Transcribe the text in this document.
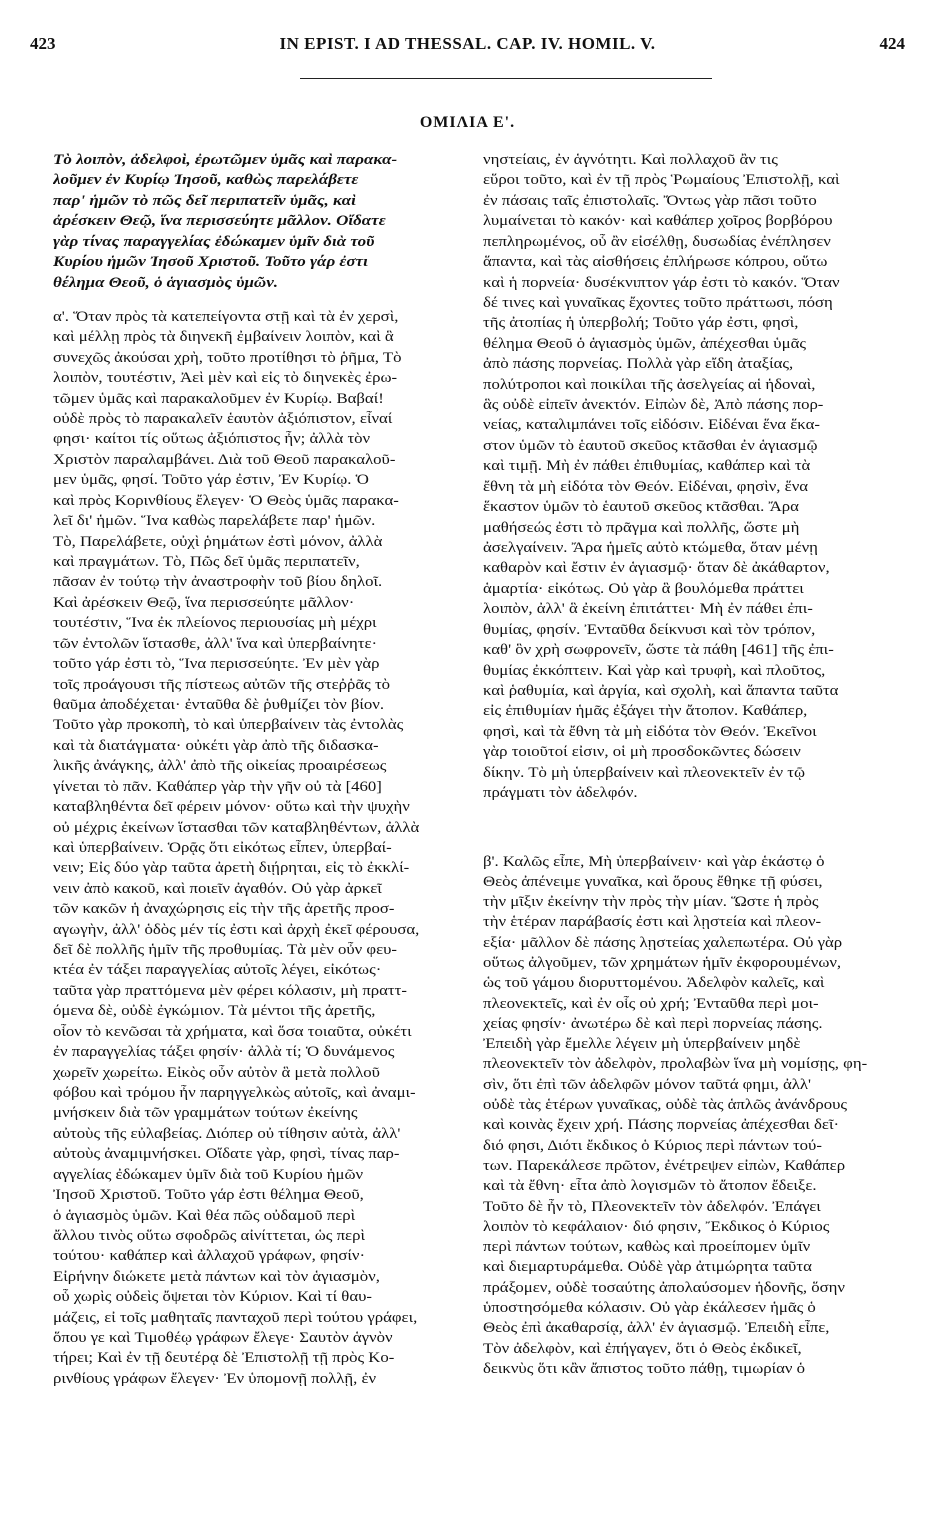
423	IN EPIST. I AD THESSAL. CAP. IV. HOMIL. V.	424
ΟΜΙΛΙΑ Ε'.
Τὸ λοιπὸν, ἀδελφοὶ, ἐρωτῶμεν ὑμᾶς καὶ παρακα-
λοῦμεν ἐν Κυρίῳ Ἰησοῦ, καθὼς παρελάβετε
παρ' ἡμῶν τὸ πῶς δεῖ περιπατεῖν ὑμᾶς, καὶ
ἀρέσκειν Θεῷ, ἵνα περισσεύητε μᾶλλον. Οἴδατε
γὰρ τίνας παραγγελίας ἐδώκαμεν ὑμῖν διὰ τοῦ
Κυρίου ἡμῶν Ἰησοῦ Χριστοῦ. Τοῦτο γάρ ἐστι
θέλημα Θεοῦ, ὁ ἁγιασμὸς ὑμῶν.
α'. Ὅταν πρὸς τὰ κατεπείγοντα στῇ καὶ τὰ ἐν χερσὶ,
καὶ μέλλῃ πρὸς τὰ διηνεκῆ ἐμβαίνειν λοιπὸν, καὶ ἃ
συνεχῶς ἀκούσαι χρὴ, τοῦτο προτίθησι τὸ ῥῆμα, Τὸ
λοιπὸν, τουτέστιν, Ἀεὶ μὲν καὶ εἰς τὸ διηνεκὲς ἐρω-
τῶμεν ὑμᾶς καὶ παρακαλοῦμεν ἐν Κυρίῳ. Βαβαί!
οὐδὲ πρὸς τὸ παρακαλεῖν ἑαυτὸν ἀξιόπιστον, εἶναί
φησι· καίτοι τίς οὕτως ἀξιόπιστος ἦν; ἀλλὰ τὸν
Χριστὸν παραλαμβάνει. Διὰ τοῦ Θεοῦ παρακαλοῦ-
μεν ὑμᾶς, φησί. Τοῦτο γάρ ἐστιν, Ἐν Κυρίῳ. Ὁ
καὶ πρὸς Κορινθίους ἔλεγεν· Ὁ Θεὸς ὑμᾶς παρακα-
λεῖ δι' ἡμῶν. Ἵνα καθὼς παρελάβετε παρ' ἡμῶν.
Τὸ, Παρελάβετε, οὐχὶ ῥημάτων ἐστὶ μόνον, ἀλλὰ
καὶ πραγμάτων. Τὸ, Πῶς δεῖ ὑμᾶς περιπατεῖν,
πᾶσαν ἐν τούτῳ τὴν ἀναστροφὴν τοῦ βίου δηλοῖ.
Καὶ ἀρέσκειν Θεῷ, ἵνα περισσεύητε μᾶλλον·
τουτέστιν, Ἵνα ἐκ πλείονος περιουσίας μὴ μέχρι
τῶν ἐντολῶν ἵστασθε, ἀλλ' ἵνα καὶ ὑπερβαίνητε·
τοῦτο γάρ ἐστι τὸ, Ἵνα περισσεύητε. Ἐν μὲν γὰρ
τοῖς προάγουσι τῆς πίστεως αὐτῶν τῆς στεῤῥᾶς τὸ
θαῦμα ἀποδέχεται· ἐνταῦθα δὲ ῥυθμίζει τὸν βίον.
Τοῦτο γὰρ προκοπὴ, τὸ καὶ ὑπερβαίνειν τὰς ἐντολὰς
καὶ τὰ διατάγματα· οὐκέτι γὰρ ἀπὸ τῆς διδασκα-
λικῆς ἀνάγκης, ἀλλ' ἀπὸ τῆς οἰκείας προαιρέσεως
γίνεται τὸ πᾶν. Καθάπερ γὰρ τὴν γῆν οὐ τὰ [460]
καταβληθέντα δεῖ φέρειν μόνον· οὕτω καὶ τὴν ψυχὴν
οὐ μέχρις ἐκείνων ἵστασθαι τῶν καταβληθέντων, ἀλλὰ
καὶ ὑπερβαίνειν. Ὁρᾷς ὅτι εἰκότως εἶπεν, ὑπερβαί-
νειν; Εἰς δύο γὰρ ταῦτα ἀρετὴ διῄρηται, εἰς τὸ ἐκκλί-
νειν ἀπὸ κακοῦ, καὶ ποιεῖν ἀγαθόν. Οὐ γὰρ ἀρκεῖ
τῶν κακῶν ἡ ἀναχώρησις εἰς τὴν τῆς ἀρετῆς προσ-
αγωγὴν, ἀλλ' ὁδὸς μέν τίς ἐστι καὶ ἀρχὴ ἐκεῖ φέρουσα,
δεῖ δὲ πολλῆς ἡμῖν τῆς προθυμίας. Τὰ μὲν οὖν φευ-
κτέα ἐν τάξει παραγγελίας αὐτοῖς λέγει, εἰκότως·
ταῦτα γὰρ πραττόμενα μὲν φέρει κόλασιν, μὴ πραττ-
όμενα δὲ, οὐδὲ ἐγκώμιον. Τὰ μέντοι τῆς ἀρετῆς,
οἷον τὸ κενῶσαι τὰ χρήματα, καὶ ὅσα τοιαῦτα, οὐκέτι
ἐν παραγγελίας τάξει φησίν· ἀλλὰ τί; Ὁ δυνάμενος
χωρεῖν χωρείτω. Εἰκὸς οὖν αὐτὸν ἃ μετὰ πολλοῦ
φόβου καὶ τρόμου ἦν παρηγγελκὼς αὐτοῖς, καὶ ἀναμι-
μνήσκειν διὰ τῶν γραμμάτων τούτων ἐκείνης
αὐτοὺς τῆς εὐλαβείας. Διόπερ οὐ τίθησιν αὐτὰ, ἀλλ'
αὐτοὺς ἀναμιμνήσκει. Οἴδατε γὰρ, φησὶ, τίνας παρ-
αγγελίας ἐδώκαμεν ὑμῖν διὰ τοῦ Κυρίου ἡμῶν
Ἰησοῦ Χριστοῦ. Τοῦτο γάρ ἐστι θέλημα Θεοῦ,
ὁ ἁγιασμὸς ὑμῶν. Καὶ θέα πῶς οὐδαμοῦ περὶ
ἄλλου τινὸς οὕτω σφοδρῶς αἰνίττεται, ὡς περὶ
τούτου· καθάπερ καὶ ἀλλαχοῦ γράφων, φησίν·
Εἰρήνην διώκετε μετὰ πάντων καὶ τὸν ἁγιασμὸν,
οὗ χωρὶς οὐδεὶς ὄψεται τὸν Κύριον. Καὶ τί θαυ-
μάζεις, εἰ τοῖς μαθηταῖς πανταχοῦ περὶ τούτου γράφει,
ὅπου γε καὶ Τιμοθέῳ γράφων ἔλεγε· Σαυτὸν ἁγνὸν
τήρει; Καὶ ἐν τῇ δευτέρᾳ δὲ Ἐπιστολῇ τῇ πρὸς Κο-
ρινθίους γράφων ἔλεγεν· Ἐν ὑπομονῇ πολλῇ, ἐν
νηστείαις, ἐν ἁγνότητι. Καὶ πολλαχοῦ ἂν τις
εὕροι τοῦτο, καὶ ἐν τῇ πρὸς Ῥωμαίους Ἐπιστολῇ, καὶ
ἐν πάσαις ταῖς ἐπιστολαῖς. Ὄντως γὰρ πᾶσι τοῦτο
λυμαίνεται τὸ κακόν· καὶ καθάπερ χοῖρος βορβόρου
πεπληρωμένος, οὗ ἂν εἰσέλθῃ, δυσωδίας ἐνέπλησεν
ἅπαντα, καὶ τὰς αἰσθήσεις ἐπλήρωσε κόπρου, οὕτω
καὶ ἡ πορνεία· δυσέκνιπτον γάρ ἐστι τὸ κακόν. Ὅταν
δέ τινες καὶ γυναῖκας ἔχοντες τοῦτο πράττωσι, πόση
τῆς ἀτοπίας ἡ ὑπερβολή; Τοῦτο γάρ ἐστι, φησὶ,
θέλημα Θεοῦ ὁ ἁγιασμὸς ὑμῶν, ἀπέχεσθαι ὑμᾶς
ἀπὸ πάσης πορνείας. Πολλὰ γὰρ εἴδη ἀταξίας,
πολύτροποι καὶ ποικίλαι τῆς ἀσελγείας αἱ ἡδοναὶ,
ἃς οὐδὲ εἰπεῖν ἀνεκτόν. Εἰπὼν δὲ, Ἀπὸ πάσης πορ-
νείας, καταλιμπάνει τοῖς εἰδόσιν. Εἰδέναι ἕνα ἕκα-
στον ὑμῶν τὸ ἑαυτοῦ σκεῦος κτᾶσθαι ἐν ἁγιασμῷ
καὶ τιμῇ. Μὴ ἐν πάθει ἐπιθυμίας, καθάπερ καὶ τὰ
ἔθνη τὰ μὴ εἰδότα τὸν Θεόν. Εἰδέναι, φησὶν, ἕνα
ἕκαστον ὑμῶν τὸ ἑαυτοῦ σκεῦος κτᾶσθαι. Ἄρα
μαθήσεώς ἐστι τὸ πρᾶγμα καὶ πολλῆς, ὥστε μὴ
ἀσελγαίνειν. Ἄρα ἡμεῖς αὐτὸ κτώμεθα, ὅταν μένῃ
καθαρὸν καὶ ἔστιν ἐν ἁγιασμῷ· ὅταν δὲ ἀκάθαρτον,
ἁμαρτία· εἰκότως. Οὐ γὰρ ἃ βουλόμεθα πράττει
λοιπὸν, ἀλλ' ἃ ἐκείνη ἐπιτάττει· Μὴ ἐν πάθει ἐπι-
θυμίας, φησίν. Ἐνταῦθα δείκνυσι καὶ τὸν τρόπον,
καθ' ὃν χρὴ σωφρονεῖν, ὥστε τὰ πάθη [461] τῆς ἐπι-
θυμίας ἐκκόπτειν. Καὶ γὰρ καὶ τρυφὴ, καὶ πλοῦτος,
καὶ ῥαθυμία, καὶ ἀργία, καὶ σχολὴ, καὶ ἅπαντα ταῦτα
εἰς ἐπιθυμίαν ἡμᾶς ἐξάγει τὴν ἄτοπον. Καθάπερ,
φησὶ, καὶ τὰ ἔθνη τὰ μὴ εἰδότα τὸν Θεόν. Ἐκεῖνοι
γὰρ τοιοῦτοί εἰσιν, οἱ μὴ προσδοκῶντες δώσειν
δίκην. Τὸ μὴ ὑπερβαίνειν καὶ πλεονεκτεῖν ἐν τῷ
πράγματι τὸν ἀδελφόν.
β'. Καλῶς εἶπε, Μὴ ὑπερβαίνειν· καὶ γὰρ ἑκάστῳ ὁ
Θεὸς ἀπένειμε γυναῖκα, καὶ ὅρους ἔθηκε τῇ φύσει,
τὴν μῖξιν ἐκείνην τὴν πρὸς τὴν μίαν. Ὥστε ἡ πρὸς
τὴν ἑτέραν παράβασίς ἐστι καὶ λῃστεία καὶ πλεον-
εξία· μᾶλλον δὲ πάσης λῃστείας χαλεπωτέρα. Οὐ γὰρ
οὕτως ἀλγοῦμεν, τῶν χρημάτων ἡμῖν ἐκφορουμένων,
ὡς τοῦ γάμου διορυττομένου. Ἀδελφὸν καλεῖς, καὶ
πλεονεκτεῖς, καὶ ἐν οἷς οὐ χρή; Ἐνταῦθα περὶ μοι-
χείας φησίν· ἀνωτέρω δὲ καὶ περὶ πορνείας πάσης.
Ἐπειδὴ γὰρ ἔμελλε λέγειν μὴ ὑπερβαίνειν μηδὲ
πλεονεκτεῖν τὸν ἀδελφὸν, προλαβὼν ἵνα μὴ νομίσῃς, φη-
σὶν, ὅτι ἐπὶ τῶν ἀδελφῶν μόνον ταῦτά φημι, ἀλλ'
οὐδὲ τὰς ἑτέρων γυναῖκας, οὐδὲ τὰς ἁπλῶς ἀνάνδρους
καὶ κοινὰς ἔχειν χρή. Πάσης πορνείας ἀπέχεσθαι δεῖ·
διό φησι, Διότι ἔκδικος ὁ Κύριος περὶ πάντων τού-
των. Παρεκάλεσε πρῶτον, ἐνέτρεψεν εἰπὼν, Καθάπερ
καὶ τὰ ἔθνη· εἶτα ἀπὸ λογισμῶν τὸ ἄτοπον ἔδειξε.
Τοῦτο δὲ ἦν τὸ, Πλεονεκτεῖν τὸν ἀδελφόν. Ἐπάγει
λοιπὸν τὸ κεφάλαιον· διό φησιν, Ἔκδικος ὁ Κύριος
περὶ πάντων τούτων, καθὼς καὶ προείπομεν ὑμῖν
καὶ διεμαρτυράμεθα. Οὐδὲ γὰρ ἀτιμώρητα ταῦτα
πράξομεν, οὐδὲ τοσαύτης ἀπολαύσομεν ἡδονῆς, ὅσην
ὑποστησόμεθα κόλασιν. Οὐ γὰρ ἐκάλεσεν ἡμᾶς ὁ
Θεὸς ἐπὶ ἀκαθαρσίᾳ, ἀλλ' ἐν ἁγιασμῷ. Ἐπειδὴ εἶπε,
Τὸν ἀδελφὸν, καὶ ἐπήγαγεν, ὅτι ὁ Θεὸς ἐκδικεῖ,
δεικνὺς ὅτι κἂν ἄπιστος τοῦτο πάθῃ, τιμωρίαν ὁ
